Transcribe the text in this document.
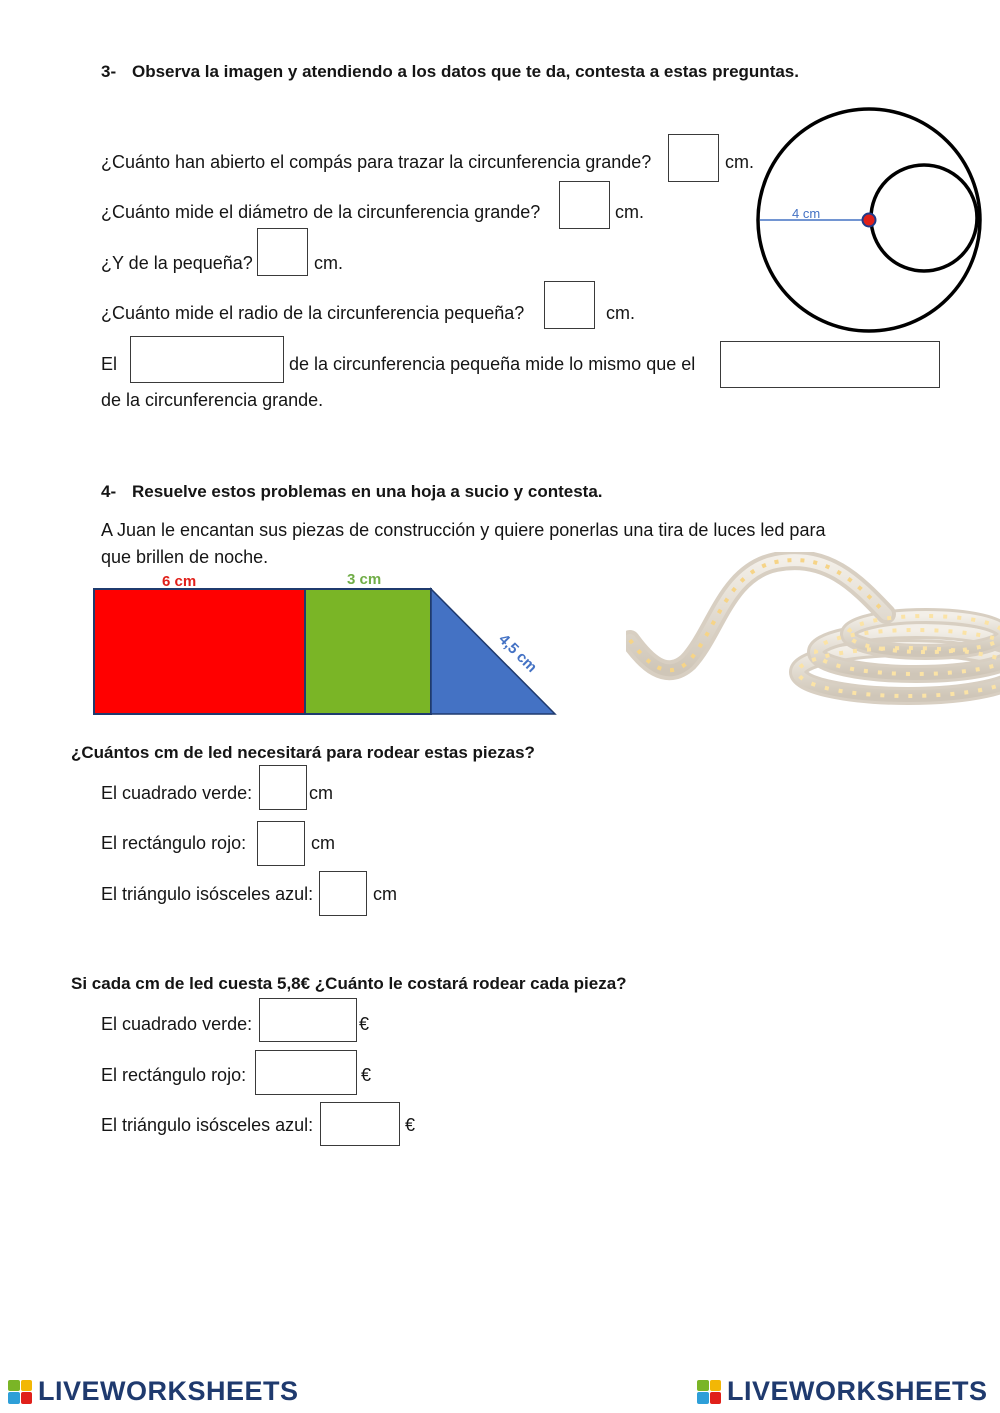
3- Observa la imagen y atendiendo a los datos que te da, contesta a estas preguntas.
¿Cuánto han abierto el compás para trazar la circunferencia grande?	cm.
¿Cuánto mide el diámetro de la circunferencia grande?	cm.
¿Y de la pequeña?	cm.
¿Cuánto mide el radio de la circunferencia pequeña?	cm.
El	de la circunferencia pequeña mide lo mismo que el
de la circunferencia grande.
4 cm
4- Resuelve estos problemas en una hoja a sucio y contesta.
A Juan le encantan sus piezas de construcción y quiere ponerlas una tira de luces led para
que brillen de noche.
6 cm	3 cm
4,5 cm
¿Cuántos cm de led necesitará para rodear estas piezas?
El cuadrado verde:	cm
El rectángulo rojo:	cm
El triángulo isósceles azul:	cm
Si cada cm de led cuesta 5,8€ ¿Cuánto le costará rodear cada pieza?
El cuadrado verde:	€
El rectángulo rojo:	€
El triángulo isósceles azul:	€
LIVEWORKSHEETS	LIVEWORKSHEETS
